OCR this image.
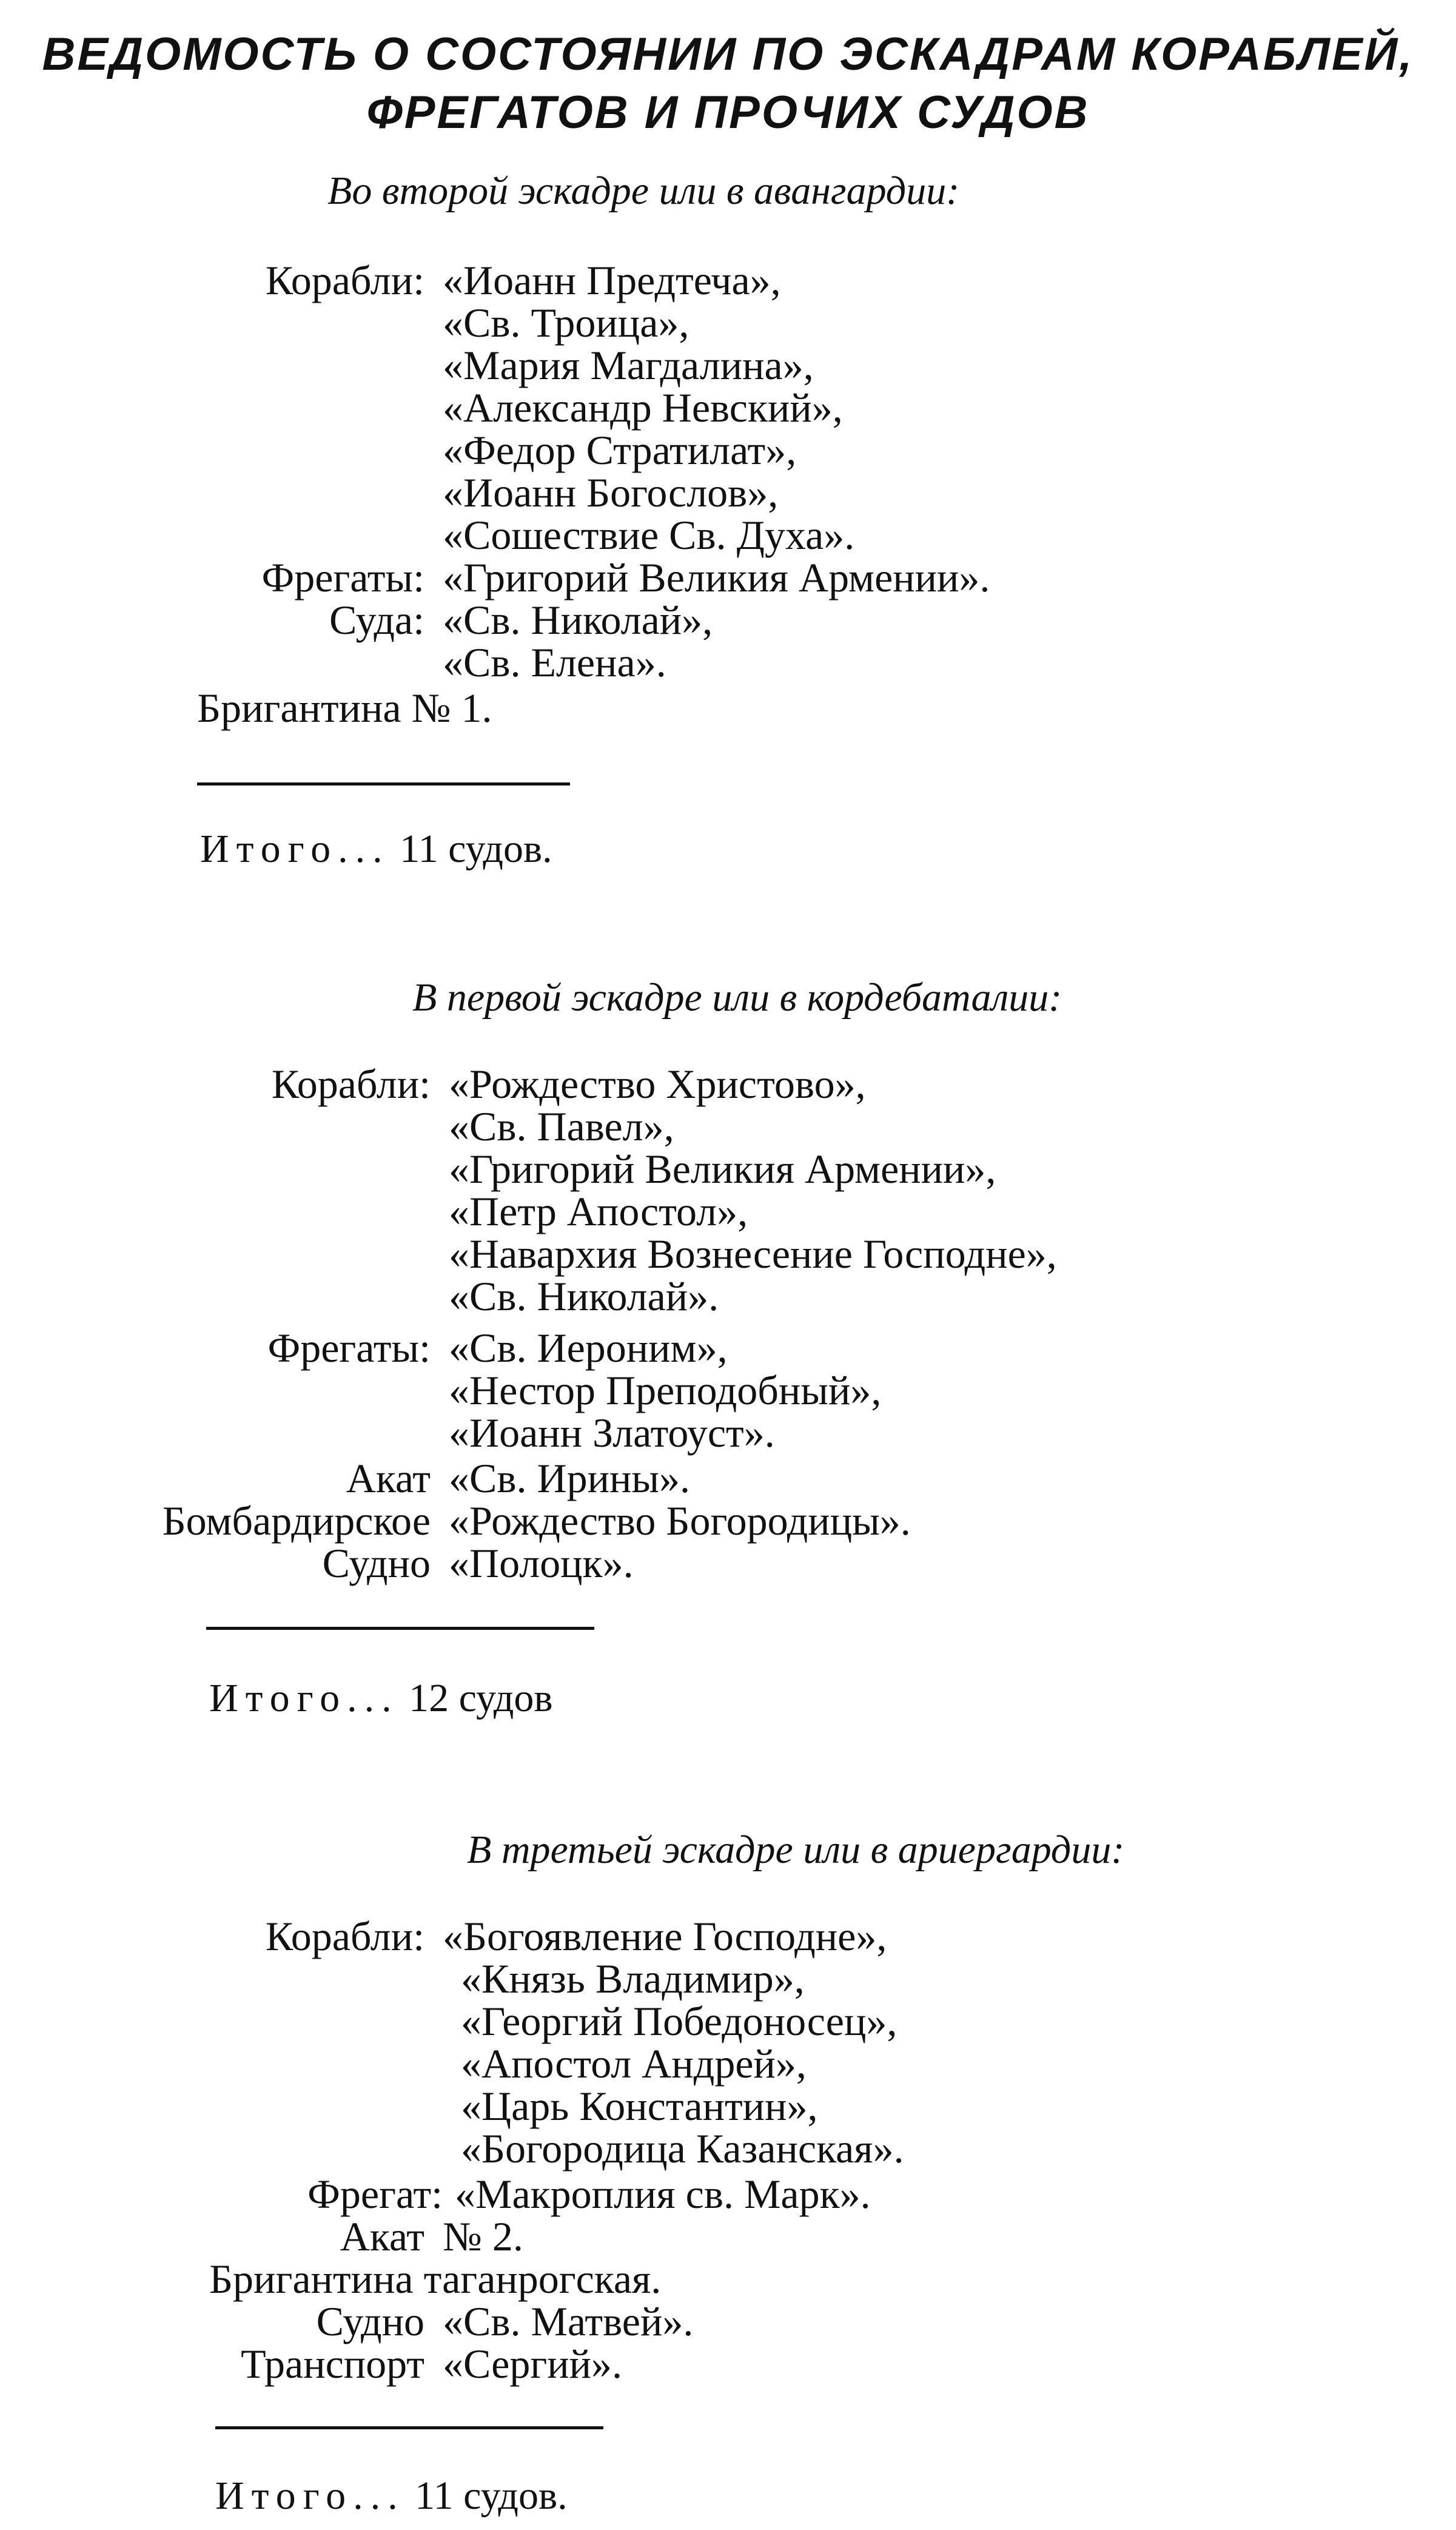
ВЕДОМОСТЬ О СОСТОЯНИИ ПО ЭСКАДРАМ КОРАБЛЕЙ,
ФРЕГАТОВ И ПРОЧИХ СУДОВ
Во второй эскадре или в авангардии:
Корабли: «Иоанн Предтеча»,
«Св. Троица»,
«Мария Магдалина»,
«Александр Невский»,
«Федор Стратилат»,
«Иоанн Богослов»,
«Сошествие Св. Духа».
Фрегаты: «Григорий Великия Армении».
Суда: «Св. Николай»,
«Св. Елена».
Бригантина № 1.
Итого... 11 судов.
В первой эскадре или в кордебаталии:
Корабли: «Рождество Христово»,
«Св. Павел»,
«Григорий Великия Армении»,
«Петр Апостол»,
«Навархия Вознесение Господне»,
«Св. Николай».
Фрегаты: «Св. Иероним»,
«Нестор Преподобный»,
«Иоанн Златоуст».
Акат «Св. Ирины».
Бомбардирское «Рождество Богородицы».
Судно «Полоцк».
Итого... 12 судов
В третьей эскадре или в ариергардии:
Корабли: «Богоявление Господне»,
«Князь Владимир»,
«Георгий Победоносец»,
«Апостол Андрей»,
«Царь Константин»,
«Богородица Казанская».
Фрегат: «Макроплия св. Марк».
Акат № 2.
Бригантина таганрогская.
Судно «Св. Матвей».
Транспорт «Сергий».
Итого... 11 судов.
